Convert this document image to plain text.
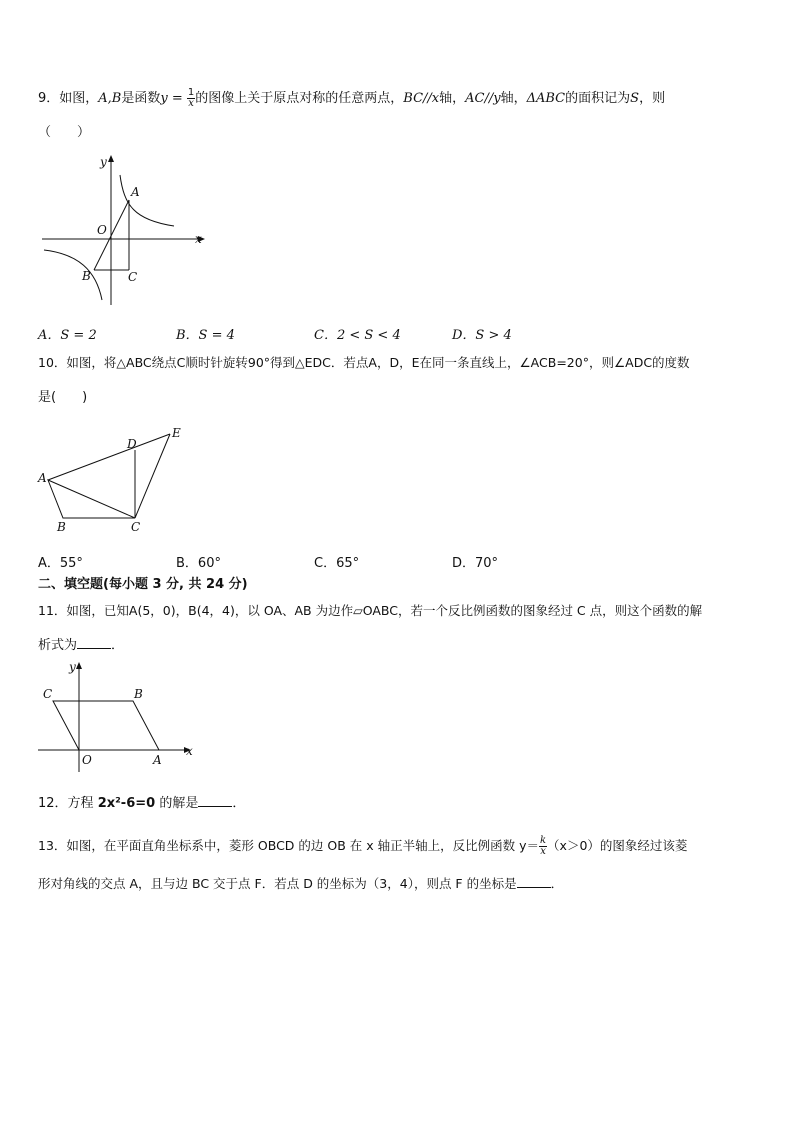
9．如图，A,B是函数$y = \frac{1}{x}$ 的图像上关于原点对称的任意两点，BC//x轴，AC//y轴，ΔABC的面积记为S，则
（　　）
y
x
O
A
B	C
A．S = 2	B．S = 4	C．2 < S < 4	D．S > 4
10．如图，将△ABC绕点C顺时针旋转90°得到△EDC．若点A，D，E在同一条直线上，∠ACB=20°，则∠ADC的度数
是(　　)
A
B	C
D
E
A．55°	B．60°	C．65°	D．70°
二、填空题(每小题 3 分, 共 24 分)
11．如图，已知A(5，0)，B(4，4)，以 OA、AB 为边作▱OABC，若一个反比例函数的图象经过 C 点，则这个函数的解
析式为	．
y
x
O	A
B
C
12．方程 2x²-6=0 的解是	．
13．如图，在平面直角坐标系中，菱形 OBCD 的边 OB 在 x 轴正半轴上，反比例函数 $y= \frac{k}{x} (x>0)$的图象经过该菱
形对角线的交点 A，且与边 BC 交于点 F．若点 D 的坐标为（3，4），则点 F 的坐标是	．
